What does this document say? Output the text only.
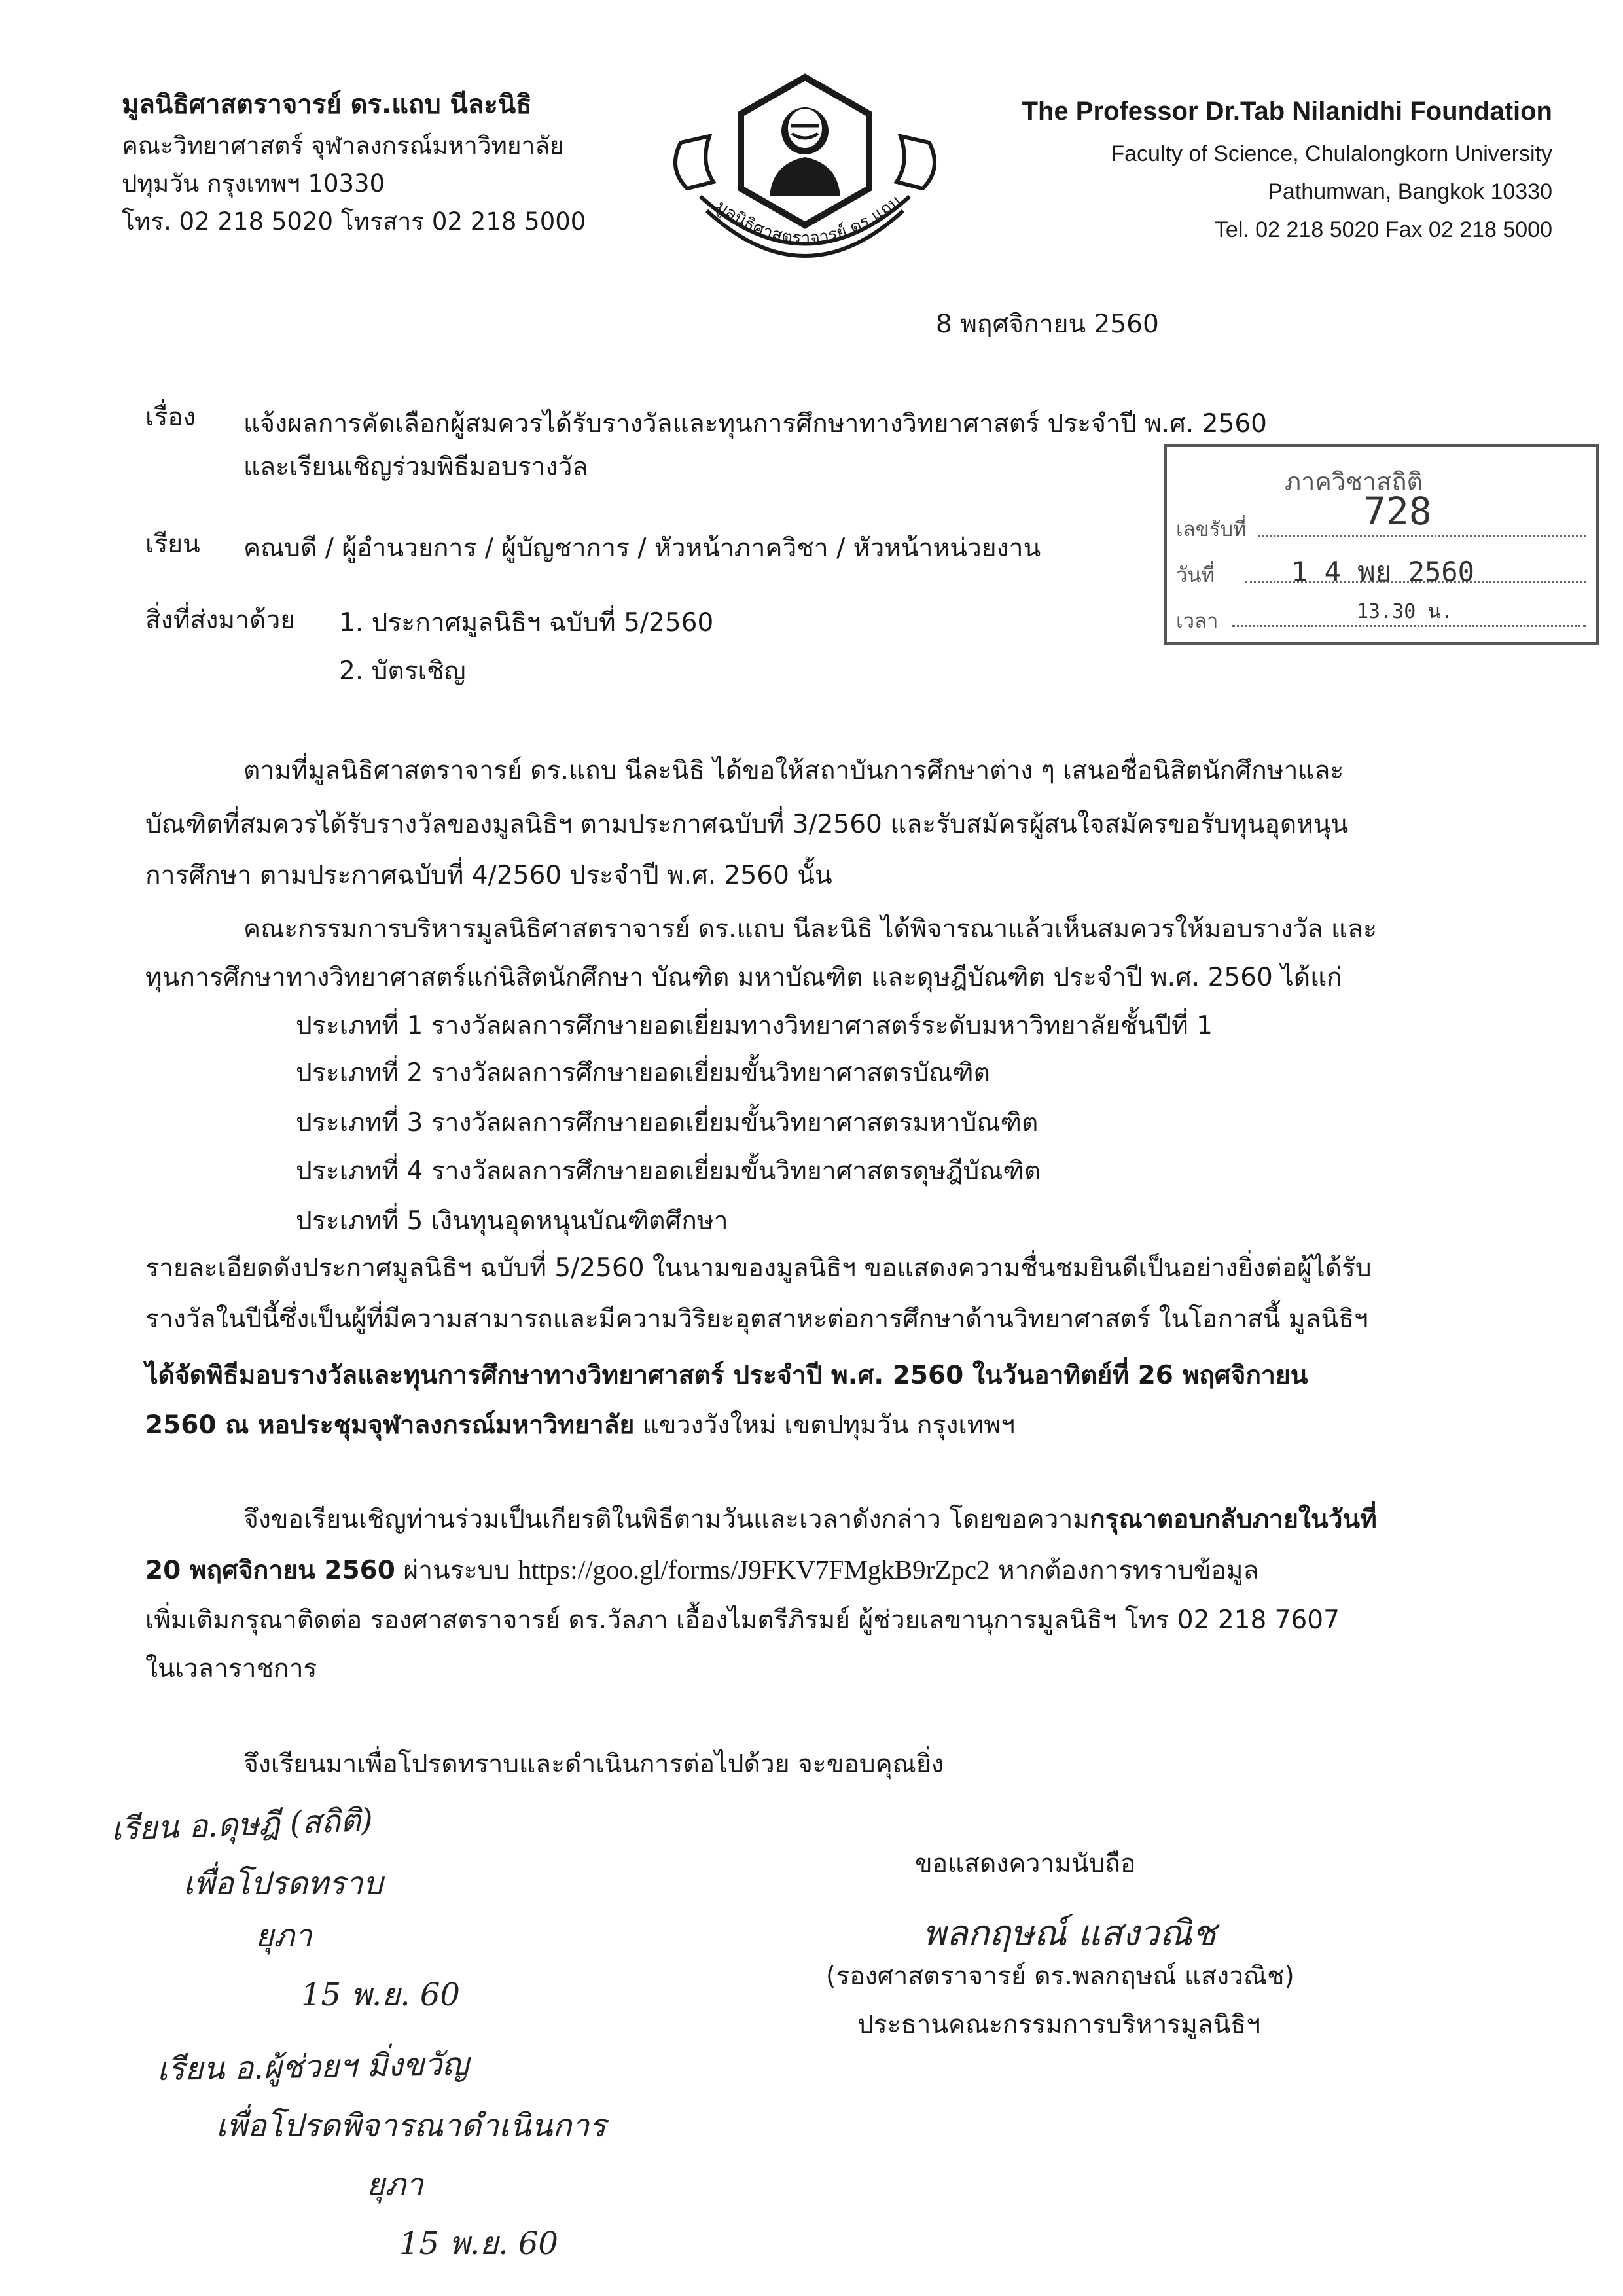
มูลนิธิศาสตราจารย์ ดร.แถบ นีละนิธิ
คณะวิทยาศาสตร์ จุฬาลงกรณ์มหาวิทยาลัย
ปทุมวัน กรุงเทพฯ 10330
โทร. 02 218 5020 โทรสาร 02 218 5000	มูลนิธิศาสตราจารย์ ดร.แถบ
The Professor Dr.Tab Nilanidhi Foundation
Faculty of Science, Chulalongkorn University
Pathumwan, Bangkok 10330
Tel. 02 218 5020 Fax 02 218 5000
8 พฤศจิกายน 2560
เรื่อง แจ้งผลการคัดเลือกผู้สมควรได้รับรางวัลและทุนการศึกษาทางวิทยาศาสตร์ ประจำปี พ.ศ. 2560
และเรียนเชิญร่วมพิธีมอบรางวัล
เรียน คณบดี / ผู้อำนวยการ / ผู้บัญชาการ / หัวหน้าภาควิชา / หัวหน้าหน่วยงาน
สิ่งที่ส่งมาด้วย 1. ประกาศมูลนิธิฯ ฉบับที่ 5/2560
2. บัตรเชิญ
ภาควิชาสถิติ
เลขรับที่	728
วันที่	1 4 พย 2560
เวลา	13.30 น.
ตามที่มูลนิธิศาสตราจารย์ ดร.แถบ นีละนิธิ ได้ขอให้สถาบันการศึกษาต่าง ๆ เสนอชื่อนิสิตนักศึกษาและ
บัณฑิตที่สมควรได้รับรางวัลของมูลนิธิฯ ตามประกาศฉบับที่ 3/2560 และรับสมัครผู้สนใจสมัครขอรับทุนอุดหนุน
การศึกษา ตามประกาศฉบับที่ 4/2560 ประจำปี พ.ศ. 2560 นั้น
คณะกรรมการบริหารมูลนิธิศาสตราจารย์ ดร.แถบ นีละนิธิ ได้พิจารณาแล้วเห็นสมควรให้มอบรางวัล และ
ทุนการศึกษาทางวิทยาศาสตร์แก่นิสิตนักศึกษา บัณฑิต มหาบัณฑิต และดุษฎีบัณฑิต ประจำปี พ.ศ. 2560 ได้แก่
ประเภทที่ 1 รางวัลผลการศึกษายอดเยี่ยมทางวิทยาศาสตร์ระดับมหาวิทยาลัยชั้นปีที่ 1
ประเภทที่ 2 รางวัลผลการศึกษายอดเยี่ยมขั้นวิทยาศาสตรบัณฑิต
ประเภทที่ 3 รางวัลผลการศึกษายอดเยี่ยมขั้นวิทยาศาสตรมหาบัณฑิต
ประเภทที่ 4 รางวัลผลการศึกษายอดเยี่ยมขั้นวิทยาศาสตรดุษฎีบัณฑิต
ประเภทที่ 5 เงินทุนอุดหนุนบัณฑิตศึกษา
รายละเอียดดังประกาศมูลนิธิฯ ฉบับที่ 5/2560 ในนามของมูลนิธิฯ ขอแสดงความชื่นชมยินดีเป็นอย่างยิ่งต่อผู้ได้รับ
รางวัลในปีนี้ซึ่งเป็นผู้ที่มีความสามารถและมีความวิริยะอุตสาหะต่อการศึกษาด้านวิทยาศาสตร์ ในโอกาสนี้ มูลนิธิฯ
ได้จัดพิธีมอบรางวัลและทุนการศึกษาทางวิทยาศาสตร์ ประจำปี พ.ศ. 2560 ในวันอาทิตย์ที่ 26 พฤศจิกายน
2560 ณ หอประชุมจุฬาลงกรณ์มหาวิทยาลัย แขวงวังใหม่ เขตปทุมวัน กรุงเทพฯ
จึงขอเรียนเชิญท่านร่วมเป็นเกียรติในพิธีตามวันและเวลาดังกล่าว โดยขอความกรุณาตอบกลับภายในวันที่
20 พฤศจิกายน 2560 ผ่านระบบ https://goo.gl/forms/J9FKV7FMgkB9rZpc2 หากต้องการทราบข้อมูล
เพิ่มเติมกรุณาติดต่อ รองศาสตราจารย์ ดร.วัลภา เอื้องไมตรีภิรมย์ ผู้ช่วยเลขานุการมูลนิธิฯ โทร 02 218 7607
ในเวลาราชการ
จึงเรียนมาเพื่อโปรดทราบและดำเนินการต่อไปด้วย จะขอบคุณยิ่ง
ขอแสดงความนับถือ
พลกฤษณ์ แสงวณิช
(รองศาสตราจารย์ ดร.พลกฤษณ์ แสงวณิช)
ประธานคณะกรรมการบริหารมูลนิธิฯ
เรียน อ.ดุษฎี (สถิติ)
เพื่อโปรดทราบ
ยุภา
15 พ.ย. 60
เรียน อ.ผู้ช่วยฯ มิ่งขวัญ
เพื่อโปรดพิจารณาดำเนินการ
ยุภา
15 พ.ย. 60
